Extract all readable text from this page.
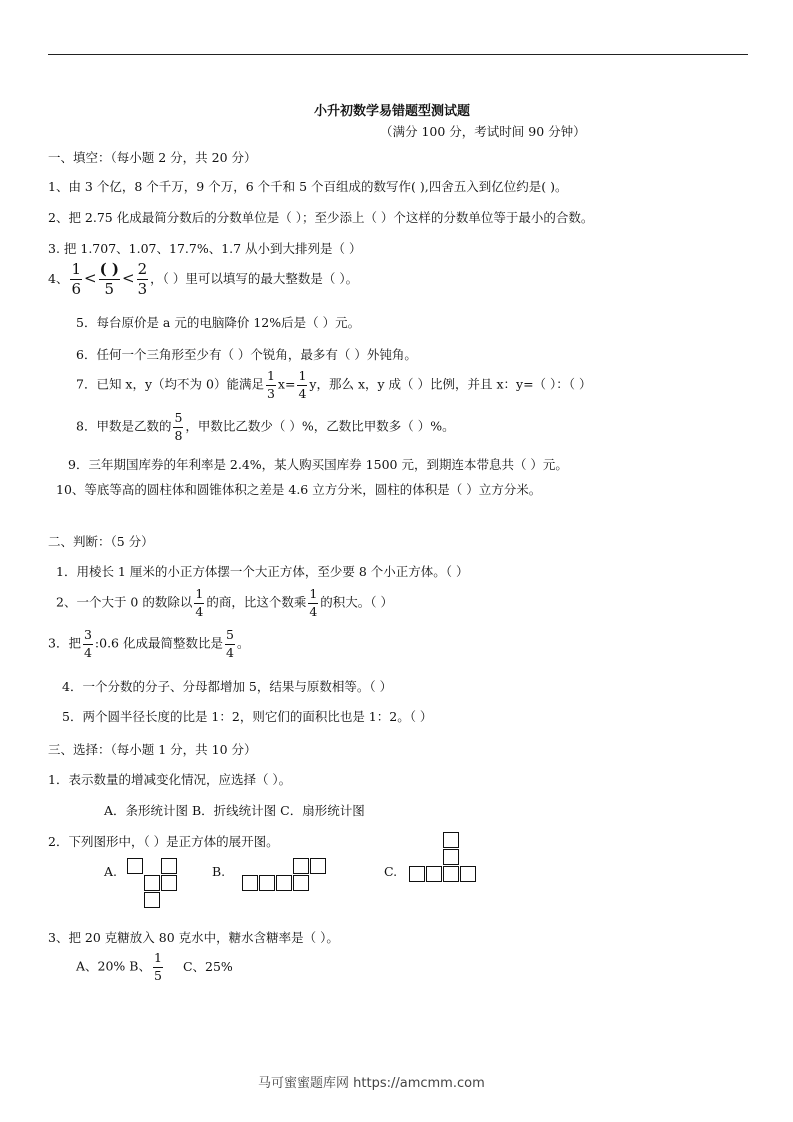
小升初数学易错题型测试题
（满分 100 分，考试时间 90 分钟）
一、填空：（每小题 2 分，共 20 分）
1、由 3 个亿，8 个千万，9 个万，6 个千和 5 个百组成的数写作( ),四舍五入到亿位约是( )。
2、把 2.75 化成最简分数后的分数单位是（ ）；至少添上（ ）个这样的分数单位等于最小的合数。
3. 把 1.707、1.07、17.7%、1.7 从小到大排列是（ ）
4、 $\frac{1}{6} < \frac{( )}{5} < \frac{2}{3}$ ，（ ）里可以填写的最大整数是（ ）。
5．每台原价是 a 元的电脑降价 12%后是（ ）元。
6．任何一个三角形至少有（ ）个锐角，最多有（ ）外钝角。
7．已知 x，y（均不为 0）能满足 $\frac{1}{3} x= \frac{1}{4}$ y，那么 x，y 成（ ）比例，并且 x：y=（ ）：（ ）
8．甲数是乙数的 $\frac{5}{8}$ ，甲数比乙数少（ ）%，乙数比甲数多（ ）%。
9．三年期国库券的年利率是 2.4%，某人购买国库券 1500 元，到期连本带息共（ ）元。
10、等底等高的圆柱体和圆锥体积之差是 4.6 立方分米，圆柱的体积是（ ）立方分米。
二、判断：（5 分）
1．用棱长 1 厘米的小正方体摆一个大正方体，至少要 8 个小正方体。（ ）
2、一个大于 0 的数除以 $\frac{1}{4}$ 的商，比这个数乘 $\frac{1}{4}$ 的积大。（ ）
3．把 $\frac{3}{4}$ :0.6 化成最简整数比是 $\frac{5}{4}$ 。
4．一个分数的分子、分母都增加 5，结果与原数相等。（ ）
5．两个圆半径长度的比是 1：2，则它们的面积比也是 1：2。（ ）
三、选择：（每小题 1 分，共 10 分）
1．表示数量的增减变化情况，应选择（ ）。
A．条形统计图 B．折线统计图 C．扇形统计图
2．下列图形中，（ ）是正方体的展开图。
A.	B.	C.
3、把 20 克糖放入 80 克水中，糖水含糖率是（ ）。
A、20% B、 $\frac{1}{5}$ C、25%
马可蜜蜜题库网 https://amcmm.com
